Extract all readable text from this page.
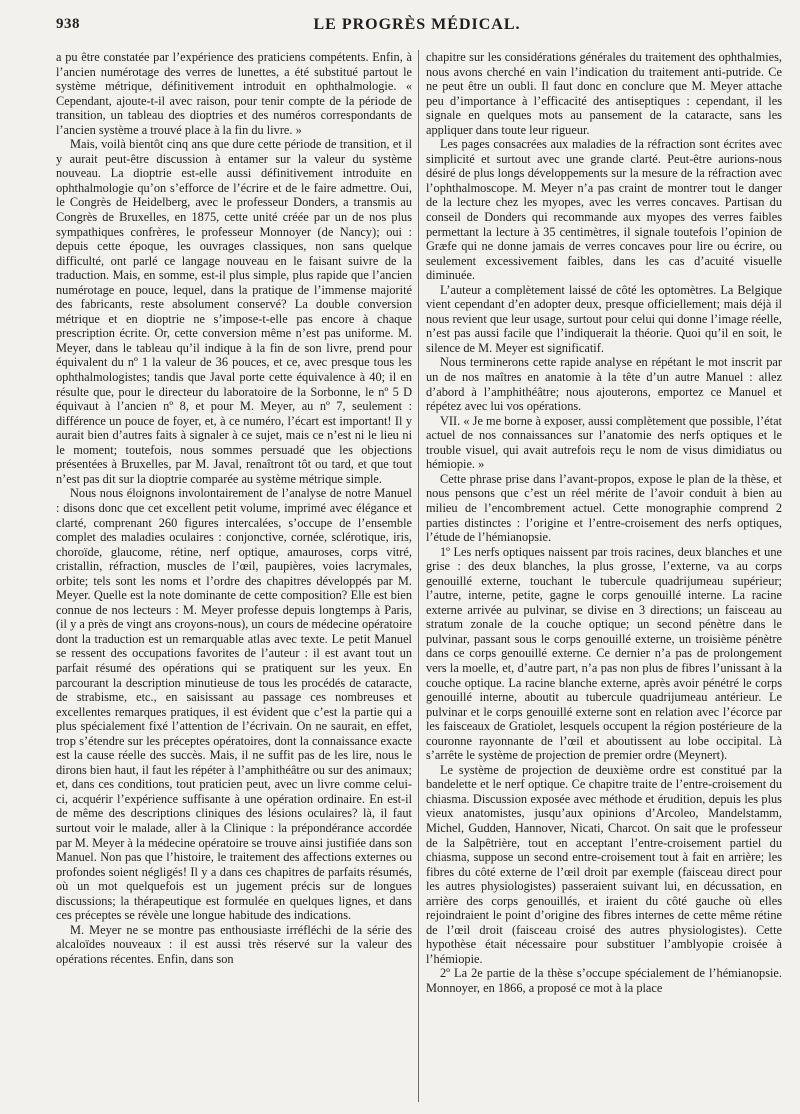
938	LE PROGRÈS MÉDICAL.

a pu être constatée par l’expérience des praticiens compétents. Enfin, à l’ancien numérotage des verres de lunettes, a été substitué partout le système métrique, définitivement introduit en ophthalmologie. « Cependant, ajoute-t-il avec raison, pour tenir compte de la période de transition, un tableau des dioptries et des numéros correspondants de l’ancien système a trouvé place à la fin du livre. »

Mais, voilà bientôt cinq ans que dure cette période de transition, et il y aurait peut-être discussion à entamer sur la valeur du système nouveau. La dioptrie est-elle aussi définitivement introduite en ophthalmologie qu’on s’efforce de l’écrire et de le faire admettre. Oui, le Congrès de Heidelberg, avec le professeur Donders, a transmis au Congrès de Bruxelles, en 1875, cette unité créée par un de nos plus sympathiques confrères, le professeur Monnoyer (de Nancy); oui : depuis cette époque, les ouvrages classiques, non sans quelque difficulté, ont parlé ce langage nouveau en le faisant suivre de la traduction. Mais, en somme, est-il plus simple, plus rapide que l’ancien numérotage en pouce, lequel, dans la pratique de l’immense majorité des fabricants, reste absolument conservé? La double conversion métrique et en dioptrie ne s’impose-t-elle pas encore à chaque prescription écrite. Or, cette conversion même n’est pas uniforme. M. Meyer, dans le tableau qu’il indique à la fin de son livre, prend pour équivalent du nº 1 la valeur de 36 pouces, et ce, avec presque tous les ophthalmologistes; tandis que Javal porte cette équivalence à 40; il en résulte que, pour le directeur du laboratoire de la Sorbonne, le nº 5 D équivaut à l’ancien nº 8, et pour M. Meyer, au nº 7, seulement : différence un pouce de foyer, et, à ce numéro, l’écart est important! Il y aurait bien d’autres faits à signaler à ce sujet, mais ce n’est ni le lieu ni le moment; toutefois, nous sommes persuadé que les objections présentées à Bruxelles, par M. Javal, renaîtront tôt ou tard, et que tout n’est pas dit sur la dioptrie comparée au système métrique simple.

Nous nous éloignons involontairement de l’analyse de notre Manuel : disons donc que cet excellent petit volume, imprimé avec élégance et clarté, comprenant 260 figures intercalées, s’occupe de l’ensemble complet des maladies oculaires : conjonctive, cornée, sclérotique, iris, choroïde, glaucome, rétine, nerf optique, amauroses, corps vitré, cristallin, réfraction, muscles de l’œil, paupières, voies lacrymales, orbite; tels sont les noms et l’ordre des chapitres développés par M. Meyer. Quelle est la note dominante de cette composition? Elle est bien connue de nos lecteurs : M. Meyer professe depuis longtemps à Paris, (il y a près de vingt ans croyons-nous), un cours de médecine opératoire dont la traduction est un remarquable atlas avec texte. Le petit Manuel se ressent des occupations favorites de l’auteur : il est avant tout un parfait résumé des opérations qui se pratiquent sur les yeux. En parcourant la description minutieuse de tous les procédés de cataracte, de strabisme, etc., en saisissant au passage ces nombreuses et excellentes remarques pratiques, il est évident que c’est la partie qui a plus spécialement fixé l’attention de l’écrivain. On ne saurait, en effet, trop s’étendre sur les préceptes opératoires, dont la connaissance exacte est la cause réelle des succès. Mais, il ne suffit pas de les lire, nous le dirons bien haut, il faut les répéter à l’amphithéâtre ou sur des animaux; et, dans ces conditions, tout praticien peut, avec un livre comme celui-ci, acquérir l’expérience suffisante à une opération ordinaire. En est-il de même des descriptions cliniques des lésions oculaires? là, il faut surtout voir le malade, aller à la Clinique : la prépondérance accordée par M. Meyer à la médecine opératoire se trouve ainsi justifiée dans son Manuel. Non pas que l’histoire, le traitement des affections externes ou profondes soient négligés! Il y a dans ces chapitres de parfaits résumés, où un mot quelquefois est un jugement précis sur de longues discussions; la thérapeutique est formulée en quelques lignes, et dans ces préceptes se révèle une longue habitude des indications.

M. Meyer ne se montre pas enthousiaste irréfléchi de la série des alcaloïdes nouveaux : il est aussi très réservé sur la valeur des opérations récentes. Enfin, dans son

chapitre sur les considérations générales du traitement des ophthalmies, nous avons cherché en vain l’indication du traitement anti-putride. Ce ne peut être un oubli. Il faut donc en conclure que M. Meyer attache peu d’importance à l’efficacité des antiseptiques : cependant, il les signale en quelques mots au pansement de la cataracte, sans les appliquer dans toute leur rigueur.

Les pages consacrées aux maladies de la réfraction sont écrites avec simplicité et surtout avec une grande clarté. Peut-être aurions-nous désiré de plus longs développements sur la mesure de la réfraction avec l’ophthalmoscope. M. Meyer n’a pas craint de montrer tout le danger de la lecture chez les myopes, avec les verres concaves. Partisan du conseil de Donders qui recommande aux myopes des verres faibles permettant la lecture à 35 centimètres, il signale toutefois l’opinion de Græfe qui ne donne jamais de verres concaves pour lire ou écrire, ou seulement excessivement faibles, dans les cas d’acuité visuelle diminuée.

L’auteur a complètement laissé de côté les optomètres. La Belgique vient cependant d’en adopter deux, presque officiellement; mais déjà il nous revient que leur usage, surtout pour celui qui donne l’image réelle, n’est pas aussi facile que l’indiquerait la théorie. Quoi qu’il en soit, le silence de M. Meyer est significatif.

Nous terminerons cette rapide analyse en répétant le mot inscrit par un de nos maîtres en anatomie à la tête d’un autre Manuel : allez d’abord à l’amphithéâtre; nous ajouterons, emportez ce Manuel et répétez avec lui vos opérations.

VII. « Je me borne à exposer, aussi complètement que possible, l’état actuel de nos connaissances sur l’anatomie des nerfs optiques et le trouble visuel, qui avait autrefois reçu le nom de visus dimidiatus ou hémiopie. »

Cette phrase prise dans l’avant-propos, expose le plan de la thèse, et nous pensons que c’est un réel mérite de l’avoir conduit à bien au milieu de l’encombrement actuel. Cette monographie comprend 2 parties distinctes : l’origine et l’entre-croisement des nerfs optiques, l’étude de l’hémianopsie.

1º Les nerfs optiques naissent par trois racines, deux blanches et une grise : des deux blanches, la plus grosse, l’externe, va au corps genouillé externe, touchant le tubercule quadrijumeau supérieur; l’autre, interne, petite, gagne le corps genouillé interne. La racine externe arrivée au pulvinar, se divise en 3 directions; un faisceau au stratum zonale de la couche optique; un second pénètre dans le pulvinar, passant sous le corps genouillé externe, un troisième pénètre dans ce corps genouillé externe. Ce dernier n’a pas de prolongement vers la moelle, et, d’autre part, n’a pas non plus de fibres l’unissant à la couche optique. La racine blanche externe, après avoir pénétré le corps genouillé interne, aboutit au tubercule quadrijumeau antérieur. Le pulvinar et le corps genouillé externe sont en relation avec l’écorce par les faisceaux de Gratiolet, lesquels occupent la région postérieure de la couronne rayonnante de l’œil et aboutissent au lobe occipital. Là s’arrête le système de projection de premier ordre (Meynert).

Le système de projection de deuxième ordre est constitué par la bandelette et le nerf optique. Ce chapitre traite de l’entre-croisement du chiasma. Discussion exposée avec méthode et érudition, depuis les plus vieux anatomistes, jusqu’aux opinions d’Arcoleo, Mandelstamm, Michel, Gudden, Hannover, Nicati, Charcot. On sait que le professeur de la Salpêtrière, tout en acceptant l’entre-croisement partiel du chiasma, suppose un second entre-croisement tout à fait en arrière; les fibres du côté externe de l’œil droit par exemple (faisceau direct pour les autres physiologistes) passeraient suivant lui, en décussation, en arrière des corps genouillés, et iraient du côté gauche où elles rejoindraient le point d’origine des fibres internes de cette même rétine de l’œil droit (faisceau croisé des autres physiologistes). Cette hypothèse était nécessaire pour substituer l’amblyopie croisée à l’hémiopie.

2º La 2e partie de la thèse s’occupe spécialement de l’hémianopsie. Monnoyer, en 1866, a proposé ce mot à la place
